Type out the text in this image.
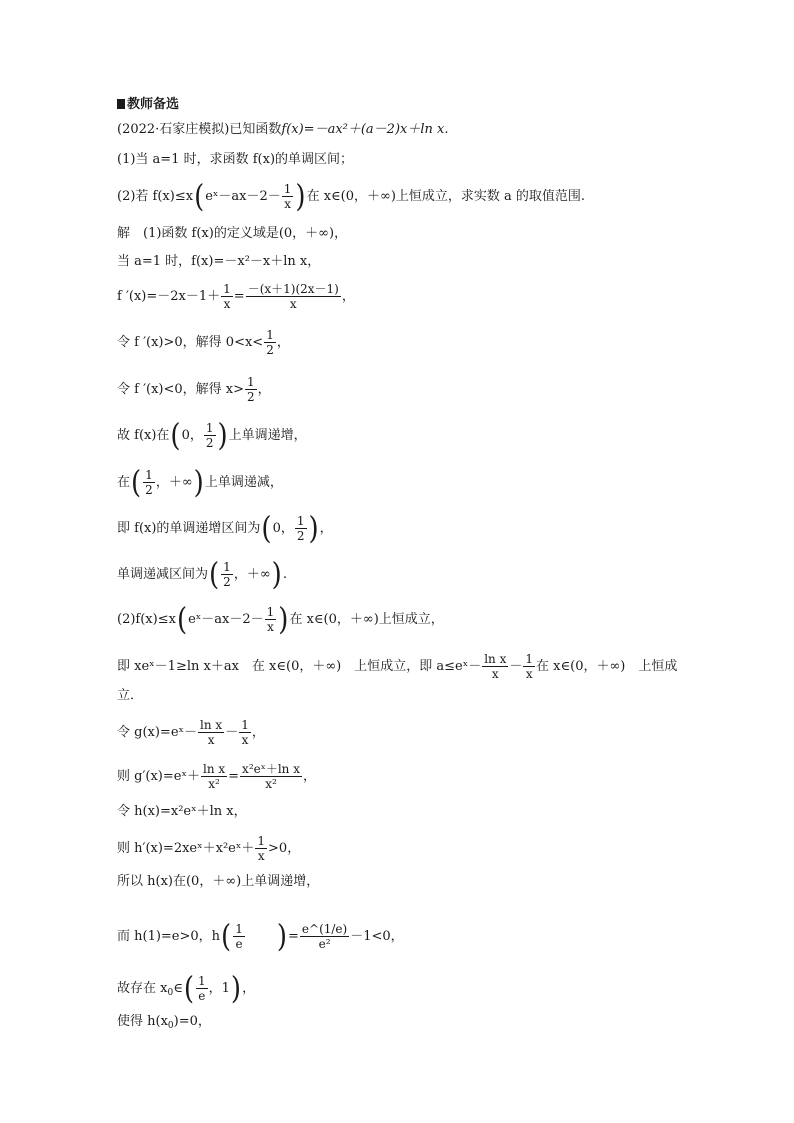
教师备选
(2022·石家庄模拟)已知函数f(x)=－ax²＋(a－2)x＋ln x.
(1)当 a=1 时，求函数 f(x)的单调区间；
(2)若 f(x)≤x(eˣ－ax－2－ $\frac{1}{x}$ )在 x∈(0，＋∞)上恒成立，求实数 a 的取值范围.
解　(1)函数 f(x)的定义域是(0，＋∞)，
当 a=1 时，f(x)=－x²－x＋ln x，
f $'(x)=-2x-1+ \frac{1}{x} = \frac{-(x+1)(2x-1)}{x}$ ，
令 f ′(x)>0，解得 $0<x< \frac{1}{2}$ ，
令 f ′(x)<0，解得 $x> \frac{1}{2}$ ，
故 f(x)在(0， $\frac{1}{2}$ )上单调递增，
在( $\frac{1}{2}$ ，＋∞)上单调递减，
即 f(x)的单调递增区间为(0， $\frac{1}{2}$ )，
单调递减区间为( $\frac{1}{2}$ ，＋∞).
(2)f(x)≤x(eˣ－ax－2－ $\frac{1}{x}$ )在 x∈(0，＋∞)上恒成立，
即 xeˣ－1≥ln x＋ax　在 x∈(0，＋∞)　上恒成立，即 a≤eˣ－ $\frac{\text{ln x}}{x} - \frac{1}{x}$ 在 x∈(0，＋∞)　上恒成
立．
令 g(x)=eˣ－ $\frac{\text{ln x}}{x} - \frac{1}{x}$ ，
则 g′(x)=eˣ＋ $\frac{\text{ln x}}{\text{x²}} = \frac{\text{x²eˣ＋ln x}}{\text{x²}}$ ，
令 h(x)=x²eˣ＋ln x，
则 h′(x)=2xeˣ＋x²eˣ＋ $\frac{1}{x} >0$，
所以 h(x)在(0，＋∞)上单调递增，
而 h(1)=e>0，$h( \frac{1}{e}$ )= $\frac{e\^{}(1/e)}{\text{e²}} -1<0$，
故存在 $x_0\in( \frac{1}{e}$ ，1)，
使得 $h(x_0)=0$，
